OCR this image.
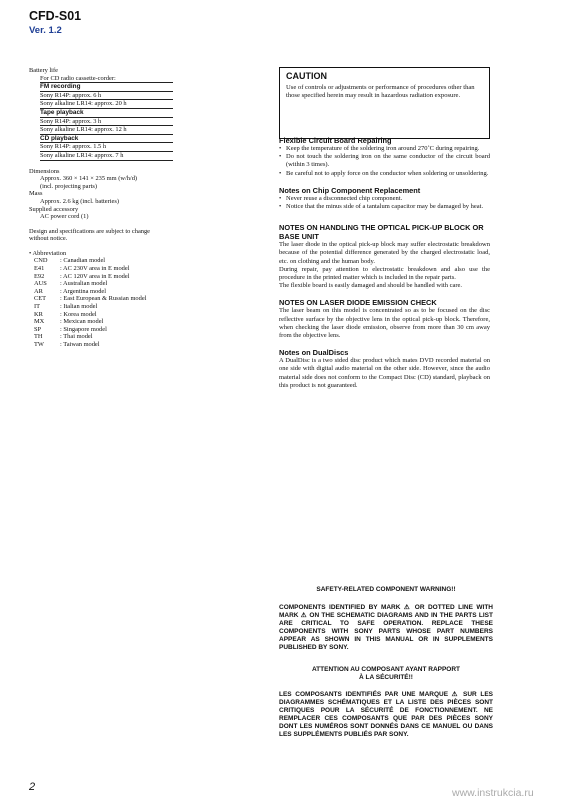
CFD-S01
Ver. 1.2

Battery life

For CD radio cassette-corder:

FM recording
Sony R14P: approx. 6 h
Sony alkaline LR14: approx. 20 h
Tape playback
Sony R14P: approx. 3 h
Sony alkaline LR14: approx. 12 h
CD playback
Sony R14P: approx. 1.5 h
Sony alkaline LR14: approx. 7 h

Dimensions

Approx. 360 × 141 × 235 mm (w/h/d)

(incl. projecting parts)

Mass

Approx. 2.6 kg (incl. batteries)

Supplied accessory

AC power cord (1)

Design and specifications are subject to change

without notice.

• Abbreviation

CND	: Canadian model
E41	: AC 230V area in E model
E92	: AC 120V area in E model
AUS	: Australian model
AR	: Argentina model
CET	: East European & Russian model
IT	: Italian model
KR	: Korea model
MX	: Mexican model
SP	: Singapore model
TH	: Thai model
TW	: Taiwan model
CAUTION
Use of controls or adjustments or performance of procedures other than those specified herein may result in hazardous radiation exposure.

Flexible Circuit Board Repairing

• Keep the temperature of the soldering iron around 270˚C during repairing.
• Do not touch the soldering iron on the same conductor of the circuit board (within 3 times).
• Be careful not to apply force on the conductor when soldering or unsoldering.

Notes on Chip Component Replacement

• Never reuse a disconnected chip component.
• Notice that the minus side of a tantalum capacitor may be damaged by heat.

NOTES ON HANDLING THE OPTICAL PICK-UP BLOCK OR BASE UNIT

The laser diode in the optical pick-up block may suffer electrostatic breakdown because of the potential difference generated by the charged electrostatic load, etc. on clothing and the human body.

During repair, pay attention to electrostatic breakdown and also use the procedure in the printed matter which is included in the repair parts.

The flexible board is easily damaged and should be handled with care.

NOTES ON LASER DIODE EMISSION CHECK

The laser beam on this model is concentrated so as to be focused on the disc reflective surface by the objective lens in the optical pick-up block. Therefore, when checking the laser diode emission, observe from more than 30 cm away from the objective lens.

Notes on DualDiscs

A DualDisc is a two sided disc product which mates DVD recorded material on one side with digital audio material on the other side. However, since the audio material side does not conform to the Compact Disc (CD) standard, playback on this product is not guaranteed.

SAFETY-RELATED COMPONENT WARNING!!
COMPONENTS IDENTIFIED BY MARK ⚠ OR DOTTED LINE WITH MARK ⚠ ON THE SCHEMATIC DIAGRAMS AND IN THE PARTS LIST ARE CRITICAL TO SAFE OPERATION. REPLACE THESE COMPONENTS WITH SONY PARTS WHOSE PART NUMBERS APPEAR AS SHOWN IN THIS MANUAL OR IN SUPPLEMENTS PUBLISHED BY SONY.
ATTENTION AU COMPOSANT AYANT RAPPORT
À LA SÉCURITÉ!!
LES COMPOSANTS IDENTIFIÉS PAR UNE MARQUE ⚠ SUR LES DIAGRAMMES SCHÉMATIQUES ET LA LISTE DES PIÈCES SONT CRITIQUES POUR LA SÉCURITÉ DE FONCTIONNEMENT. NE REMPLACER CES COMPOSANTS QUE PAR DES PIÈCES SONY DONT LES NUMÉROS SONT DONNÉS DANS CE MANUEL OU DANS LES SUPPLÉMENTS PUBLIÉS PAR SONY.
2	www.instrukcia.ru
